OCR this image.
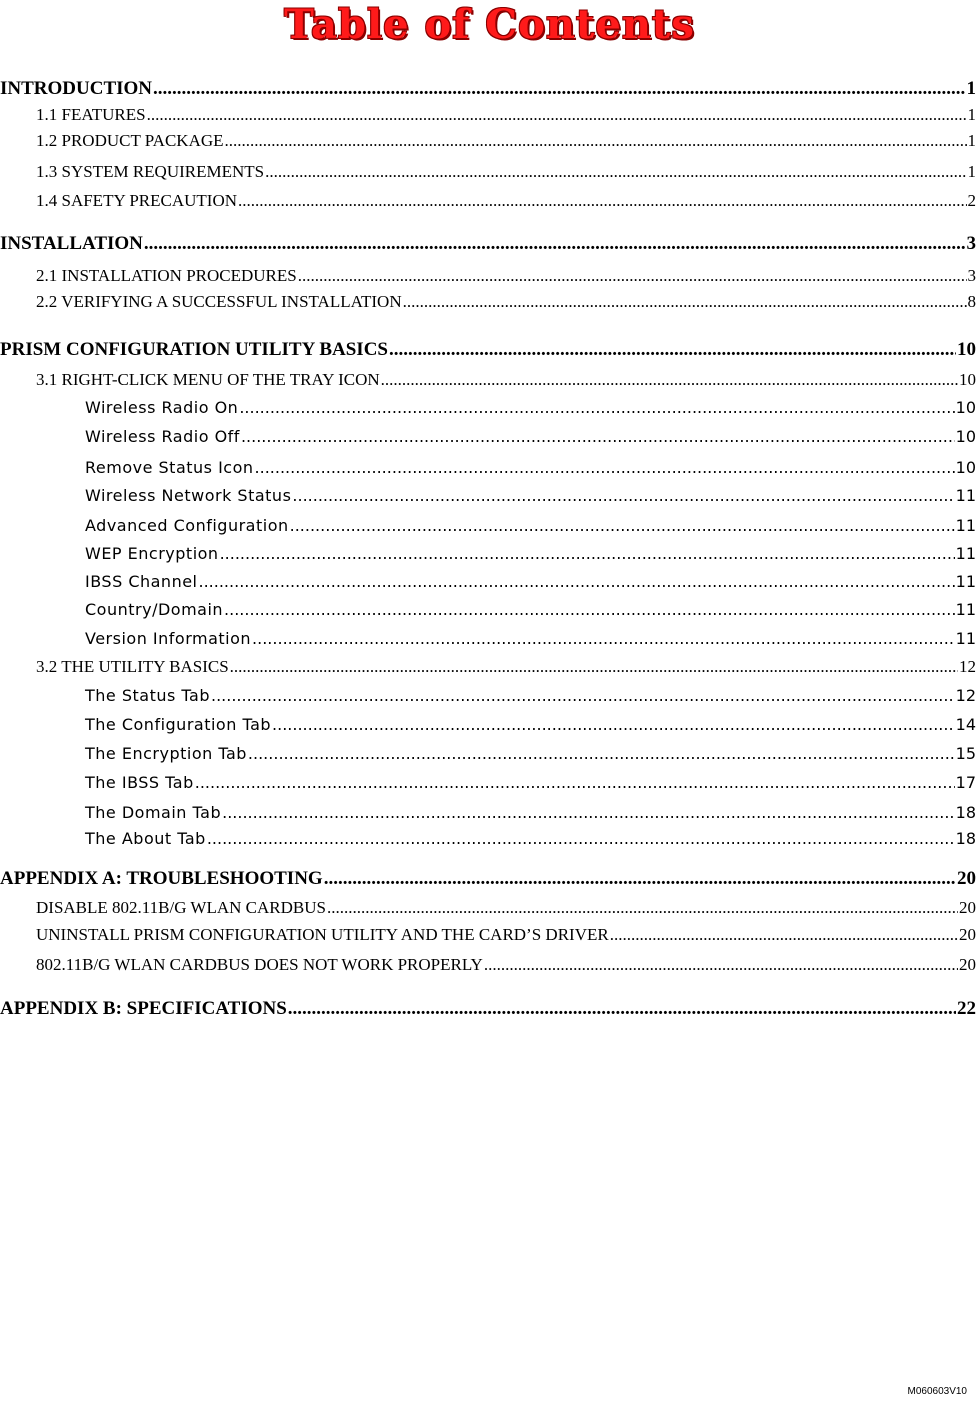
Table of Contents
INTRODUCTION .....	1
1.1 FEATURES .....	1
1.2 PRODUCT PACKAGE .....	1
1.3 SYSTEM REQUIREMENTS .....	1
1.4 SAFETY PRECAUTION .....	2
INSTALLATION .....	3
2.1 INSTALLATION PROCEDURES .....	3
2.2 VERIFYING A SUCCESSFUL INSTALLATION .....	8
PRISM CONFIGURATION UTILITY BASICS .....	10
3.1 RIGHT-CLICK MENU OF THE TRAY ICON .....	10
Wireless Radio On .....	10
Wireless Radio Off .....	10
Remove Status Icon .....	10
Wireless Network Status .....	11
Advanced Configuration .....	11
WEP Encryption .....	11
IBSS Channel .....	11
Country/Domain .....	11
Version Information .....	11
3.2 THE UTILITY BASICS .....	12
The Status Tab .....	12
The Configuration Tab .....	14
The Encryption Tab .....	15
The IBSS Tab .....	17
The Domain Tab .....	18
The About Tab .....	18
APPENDIX A: TROUBLESHOOTING .....	20
DISABLE 802.11B/G WLAN CARDBUS .....	20
UNINSTALL PRISM CONFIGURATION UTILITY AND THE CARD’S DRIVER .....	20
802.11B/G WLAN CARDBUS DOES NOT WORK PROPERLY .....	20
APPENDIX B: SPECIFICATIONS .....	22
M060603V10
